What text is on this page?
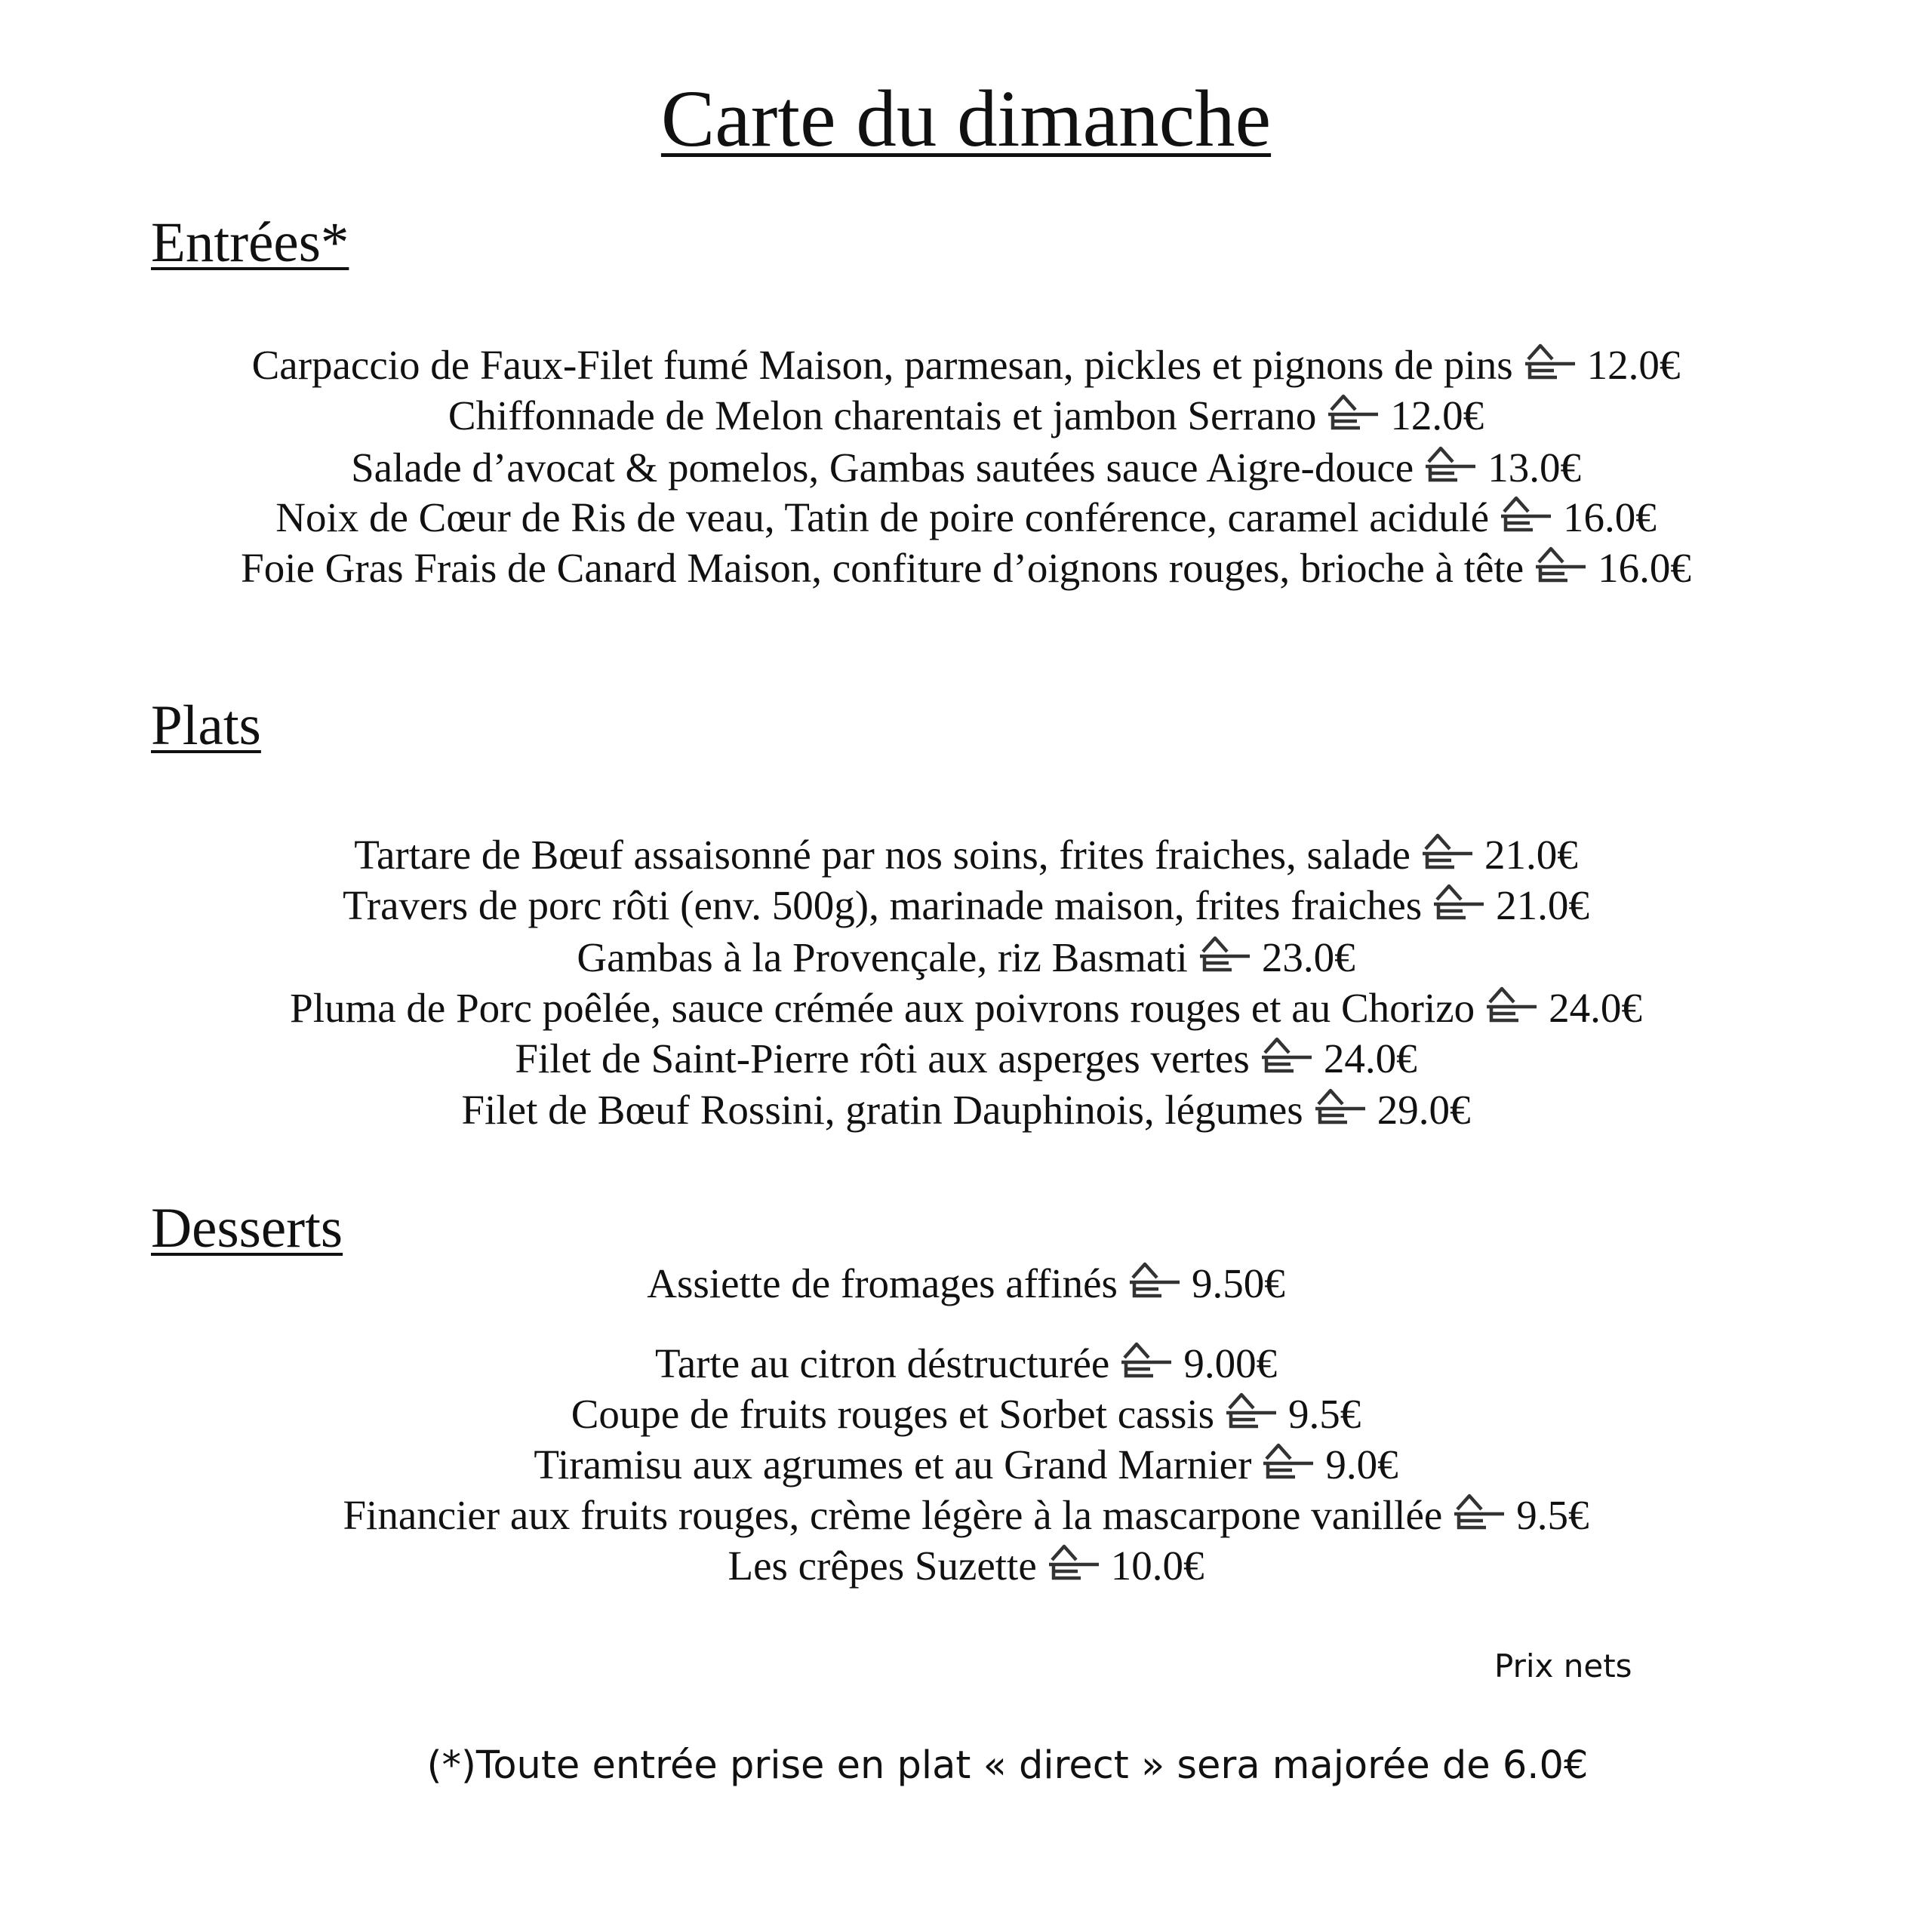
Carte du dimanche
Entrées*
Carpaccio de Faux-Filet fumé Maison, parmesan, pickles et pignons de pins 12.0€
Chiffonnade de Melon charentais et jambon Serrano 12.0€
Salade d’avocat & pomelos, Gambas sautées sauce Aigre-douce 13.0€
Noix de Cœur de Ris de veau, Tatin de poire conférence, caramel acidulé 16.0€
Foie Gras Frais de Canard Maison, confiture d’oignons rouges, brioche à tête 16.0€
Plats
Tartare de Bœuf assaisonné par nos soins, frites fraiches, salade 21.0€
Travers de porc rôti (env. 500g), marinade maison, frites fraiches 21.0€
Gambas à la Provençale, riz Basmati 23.0€
Pluma de Porc poêlée, sauce crémée aux poivrons rouges et au Chorizo 24.0€
Filet de Saint-Pierre rôti aux asperges vertes 24.0€
Filet de Bœuf Rossini, gratin Dauphinois, légumes 29.0€
Desserts
Assiette de fromages affinés 9.50€
Tarte au citron déstructurée 9.00€
Coupe de fruits rouges et Sorbet cassis 9.5€
Tiramisu aux agrumes et au Grand Marnier 9.0€
Financier aux fruits rouges, crème légère à la mascarpone vanillée 9.5€
Les crêpes Suzette 10.0€
Prix nets
(*)Toute entrée prise en plat « direct » sera majorée de 6.0€
